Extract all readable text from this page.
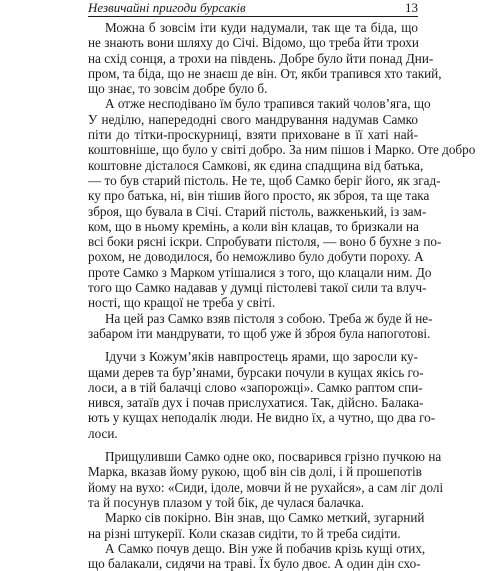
Незвичайні пригоди бурсаків	13
Можна б зовсім іти куди надумали, так ще та біда, що
не знають вони шляху до Січі. Відомо, що треба йти трохи
на схід сонця, а трохи на південь. Добре було йти понад Дни-
пром, та біда, що не знаєш де він. От, якби трапився хто такий,
що знає, то зовсім добре було б.
А отже несподівано їм було трапився такий чоловʼяга, що
У неділю, напередодні свого мандрування надумав Самко
піти до тітки-проскурниці, взяти приховане в її хаті най-
коштовніше, що було у світі добро. За ним пішов і Марко. Оте добро
коштовне дісталося Самкові, як єдина спадщина від батька,
— то був старий пістоль. Не те, щоб Самко беріг його, як згад-
ку про батька, ні, він тішив його просто, як зброя, та ще така
зброя, що бувала в Січі. Старий пістоль, важкенький, із зам-
ком, що в ньому кремінь, а коли він клацав, то бризкали на
всі боки рясні іскри. Спробувати пістоля, — воно б бухне з по-
рохом, не доводилося, бо неможливо було добути пороху. А
проте Самко з Марком утішалися з того, що клацали ним. До
того що Самко надавав у думці пістолеві такої сили та влуч-
ності, що кращої не треба у світі.
На цей раз Самко взяв пістоля з собою. Треба ж буде й не-
забаром іти мандрувати, то щоб уже й зброя була напоготові.
Ідучи з Кожумʼяків навпростець ярами, що заросли ку-
щами дерев та бурʼянами, бурсаки почули в кущах якісь го-
лоси, а в тій балачці слово «запорожці». Самко раптом спи-
нився, затаїв дух і почав прислухатися. Так, дійсно. Балака-
ють у кущах неподалік люди. Не видно їх, а чутно, що два го-
лоси.
Прищуливши Самко одне око, посварився грізно пучкою на
Марка, вказав йому рукою, щоб він сів долі, і й прошепотів
йому на вухо: «Сиди, ідоле, мовчи й не рухайся», а сам ліг долі
та й посунув плазом у той бік, де чулася балачка.
Марко сів покірно. Він знав, що Самко меткий, зугарний
на різні штукерії. Коли сказав сидіти, то й треба сидіти.
А Самко почув дещо. Він уже й побачив крізь кущі отих,
що балакали, сидячи на траві. Їх було двоє. А один дін схо-
